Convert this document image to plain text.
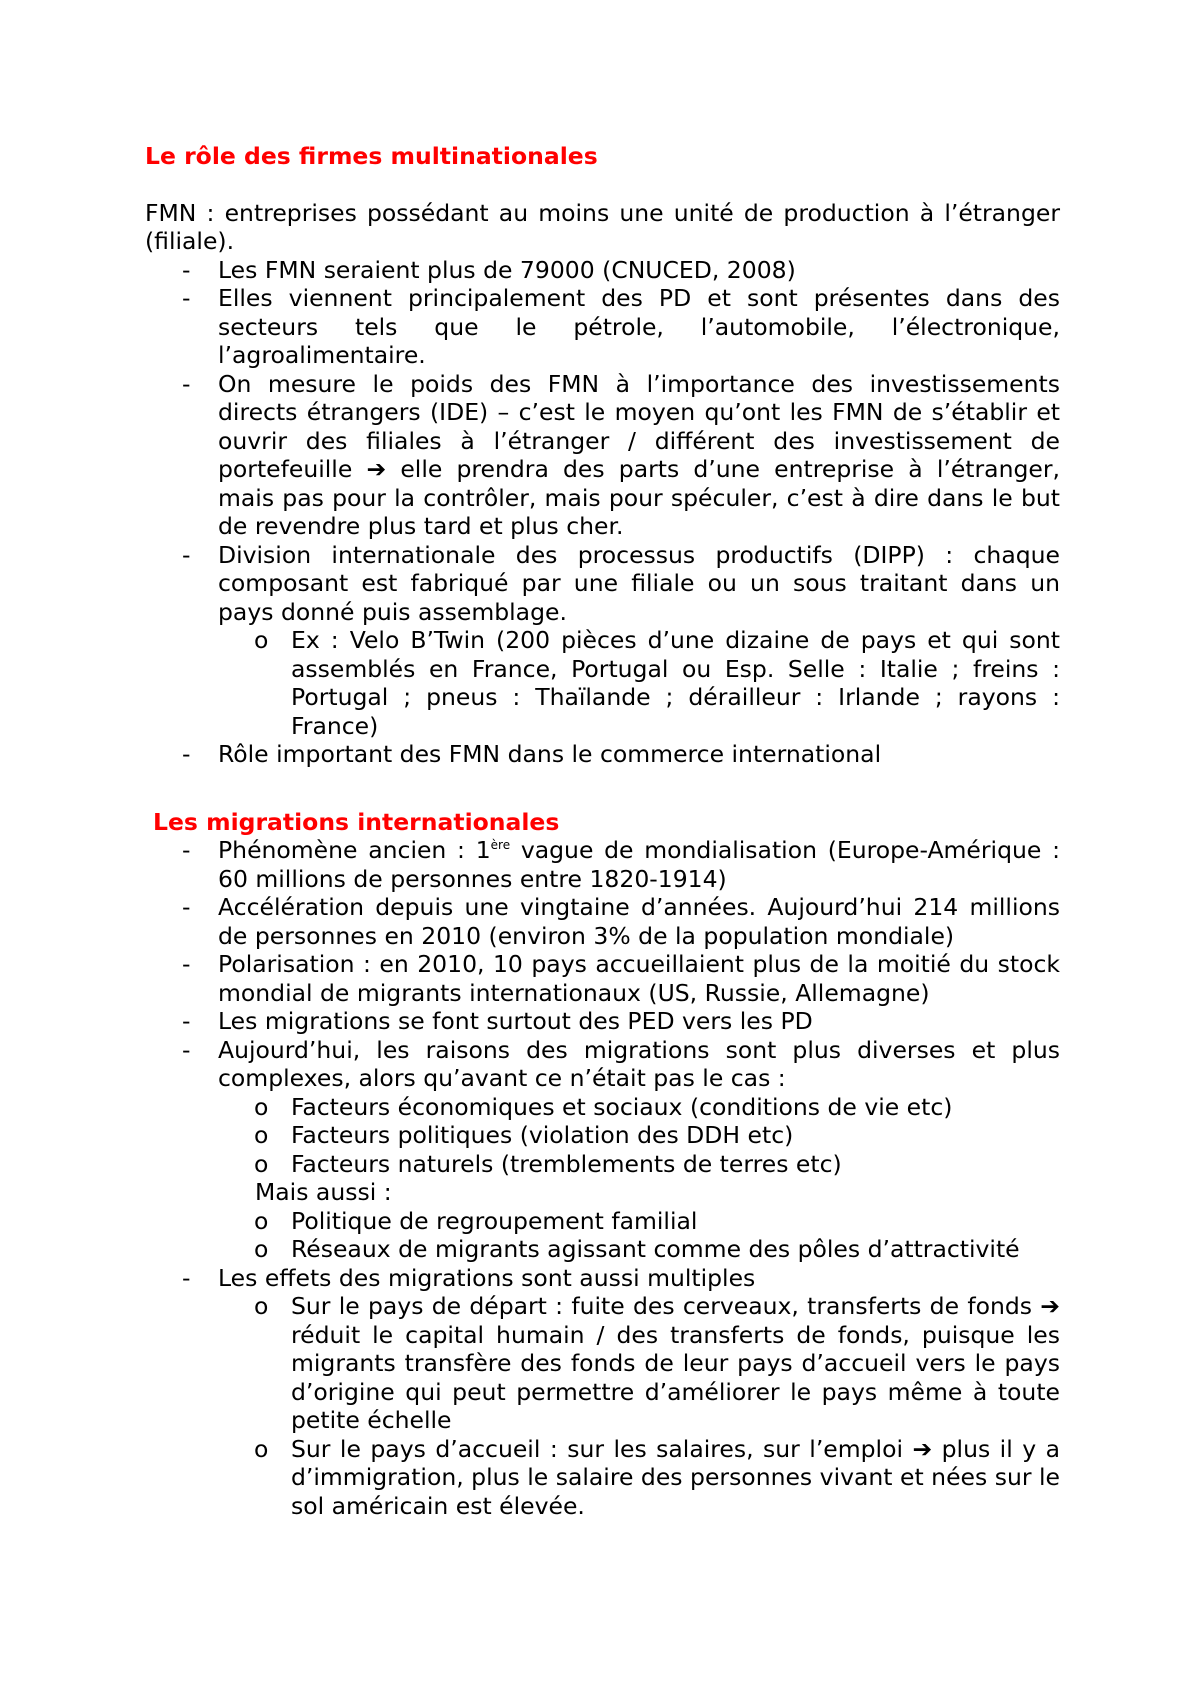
Le rôle des firmes multinationales

FMN : entreprises possédant au moins une unité de production à l’étranger (filiale).

- Les FMN seraient plus de 79000 (CNUCED, 2008)
- Elles viennent principalement des PD et sont présentes dans des secteurs tels que le pétrole, l’automobile, l’électronique, l’agroalimentaire.
- On mesure le poids des FMN à l’importance des investissements directs étrangers (IDE) – c’est le moyen qu’ont les FMN de s’établir et ouvrir des filiales à l’étranger / différent des investissement de portefeuille ➔ elle prendra des parts d’une entreprise à l’étranger, mais pas pour la contrôler, mais pour spéculer, c’est à dire dans le but de revendre plus tard et plus cher.
- Division internationale des processus productifs (DIPP) : chaque composant est fabriqué par une filiale ou un sous traitant dans un pays donné puis assemblage.
o Ex : Velo B’Twin (200 pièces d’une dizaine de pays et qui sont assemblés en France, Portugal ou Esp. Selle : Italie ; freins : Portugal ; pneus : Thaïlande ; dérailleur : Irlande ; rayons : France)
- Rôle important des FMN dans le commerce international

Les migrations internationales

- Phénomène ancien : 1ère vague de mondialisation (Europe-Amérique : 60 millions de personnes entre 1820-1914)
- Accélération depuis une vingtaine d’années. Aujourd’hui 214 millions de personnes en 2010 (environ 3% de la population mondiale)
- Polarisation : en 2010, 10 pays accueillaient plus de la moitié du stock mondial de migrants internationaux (US, Russie, Allemagne)
- Les migrations se font surtout des PED vers les PD
- Aujourd’hui, les raisons des migrations sont plus diverses et plus complexes, alors qu’avant ce n’était pas le cas :
o Facteurs économiques et sociaux (conditions de vie etc)
o Facteurs politiques (violation des DDH etc)
o Facteurs naturels (tremblements de terres etc)
Mais aussi :
o Politique de regroupement familial
o Réseaux de migrants agissant comme des pôles d’attractivité
- Les effets des migrations sont aussi multiples
o Sur le pays de départ : fuite des cerveaux, transferts de fonds ➔ réduit le capital humain / des transferts de fonds, puisque les migrants transfère des fonds de leur pays d’accueil vers le pays d’origine qui peut permettre d’améliorer le pays même à toute petite échelle
o Sur le pays d’accueil : sur les salaires, sur l’emploi ➔ plus il y a d’immigration, plus le salaire des personnes vivant et nées sur le sol américain est élevée.
